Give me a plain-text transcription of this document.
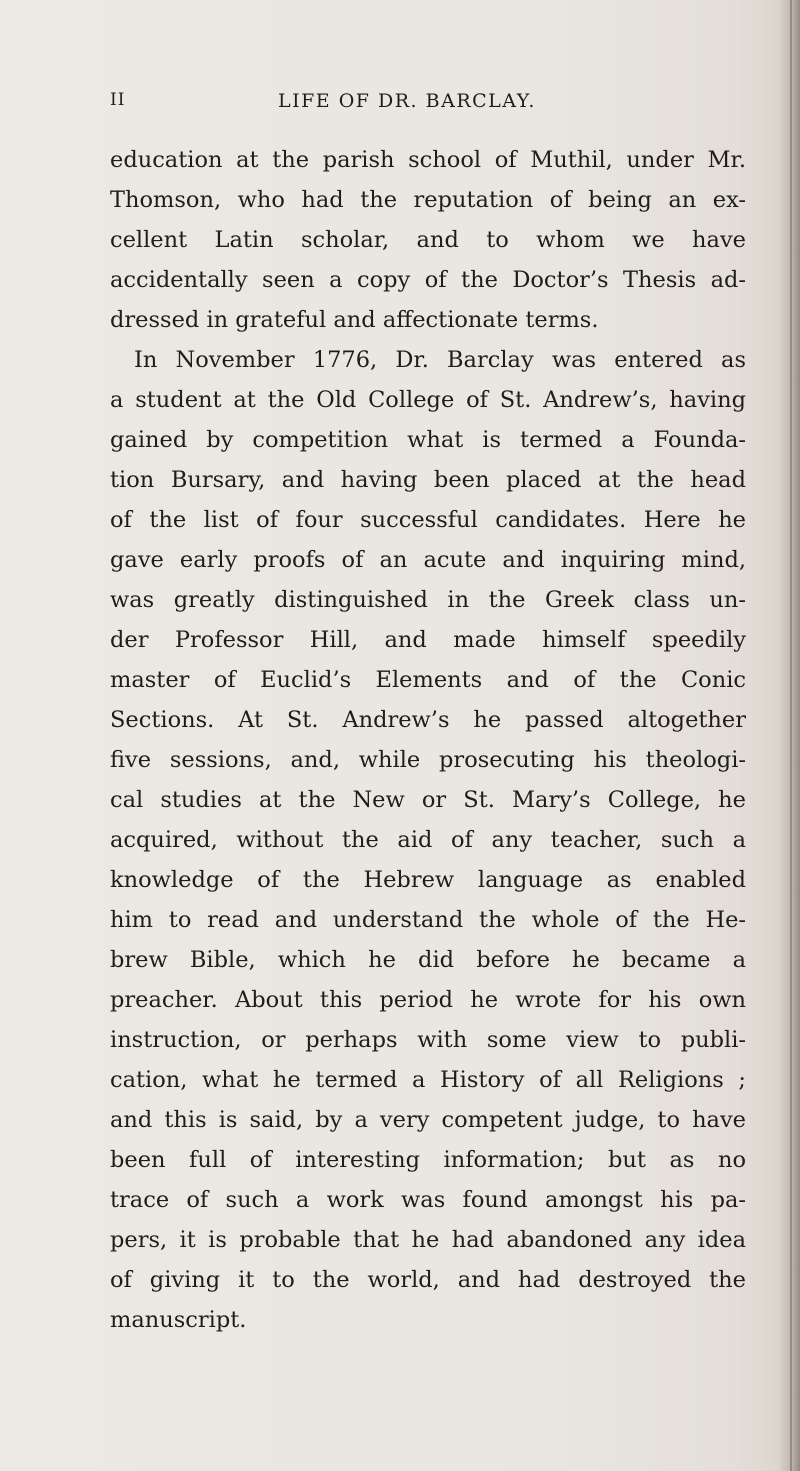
II	LIFE OF DR. BARCLAY.
education at the parish school of Muthil, under Mr.
Thomson, who had the reputation of being an ex-
cellent Latin scholar, and to whom we have
accidentally seen a copy of the Doctor’s Thesis ad-
dressed in grateful and affectionate terms.
In November 1776, Dr. Barclay was entered as
a student at the Old College of St. Andrew’s, having
gained by competition what is termed a Founda-
tion Bursary, and having been placed at the head
of the list of four successful candidates. Here he
gave early proofs of an acute and inquiring mind,
was greatly distinguished in the Greek class un-
der Professor Hill, and made himself speedily
master of Euclid’s Elements and of the Conic
Sections. At St. Andrew’s he passed altogether
five sessions, and, while prosecuting his theologi-
cal studies at the New or St. Mary’s College, he
acquired, without the aid of any teacher, such a
knowledge of the Hebrew language as enabled
him to read and understand the whole of the He-
brew Bible, which he did before he became a
preacher. About this period he wrote for his own
instruction, or perhaps with some view to publi-
cation, what he termed a History of all Religions ;
and this is said, by a very competent judge, to have
been full of interesting information; but as no
trace of such a work was found amongst his pa-
pers, it is probable that he had abandoned any idea
of giving it to the world, and had destroyed the
manuscript.
